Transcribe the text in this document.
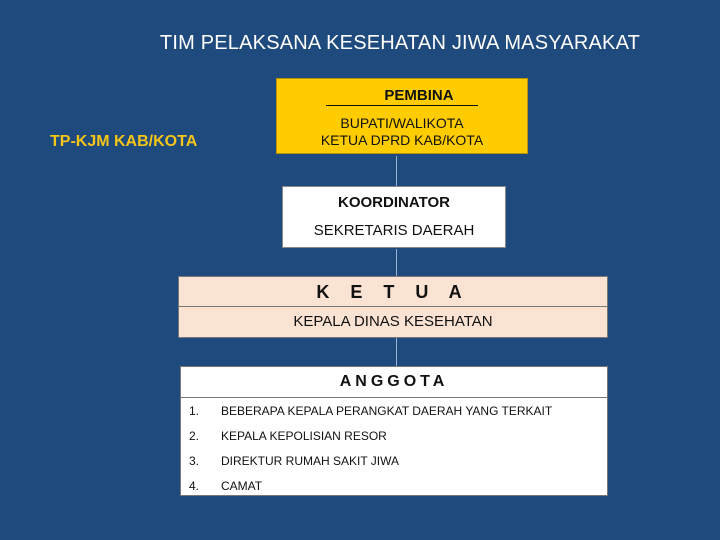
TIM PELAKSANA KESEHATAN JIWA MASYARAKAT
TP-KJM KAB/KOTA
PEMBINA
BUPATI/WALIKOTA
KETUA DPRD KAB/KOTA
KOORDINATOR
SEKRETARIS DAERAH
K E T U A
KEPALA DINAS KESEHATAN
ANGGOTA
1.	BEBERAPA KEPALA PERANGKAT DAERAH YANG TERKAIT
2.	KEPALA KEPOLISIAN RESOR
3.	DIREKTUR RUMAH SAKIT JIWA
4.	CAMAT
